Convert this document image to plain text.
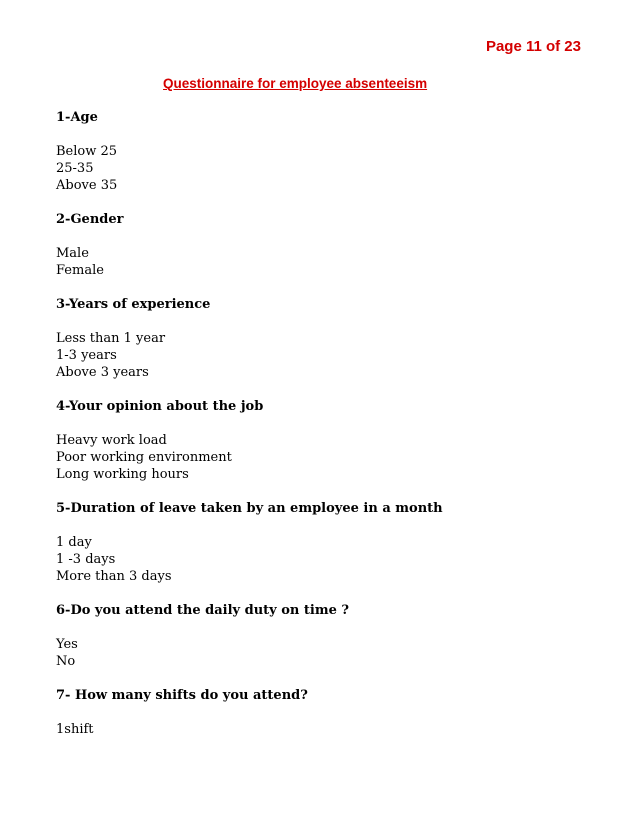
Page 11 of 23
Questionnaire for employee absenteeism
1-Age
Below 25
25-35
Above 35
2-Gender
Male
Female
3-Years of experience
Less than 1 year
1-3 years
Above 3 years
4-Your opinion about the job
Heavy work load
Poor working environment
Long working hours
5-Duration of leave taken by an employee in a month
1 day
1 -3 days
More than 3 days
6-Do you attend the daily duty on time ?
Yes
No
7- How many shifts do you attend?
1shift
